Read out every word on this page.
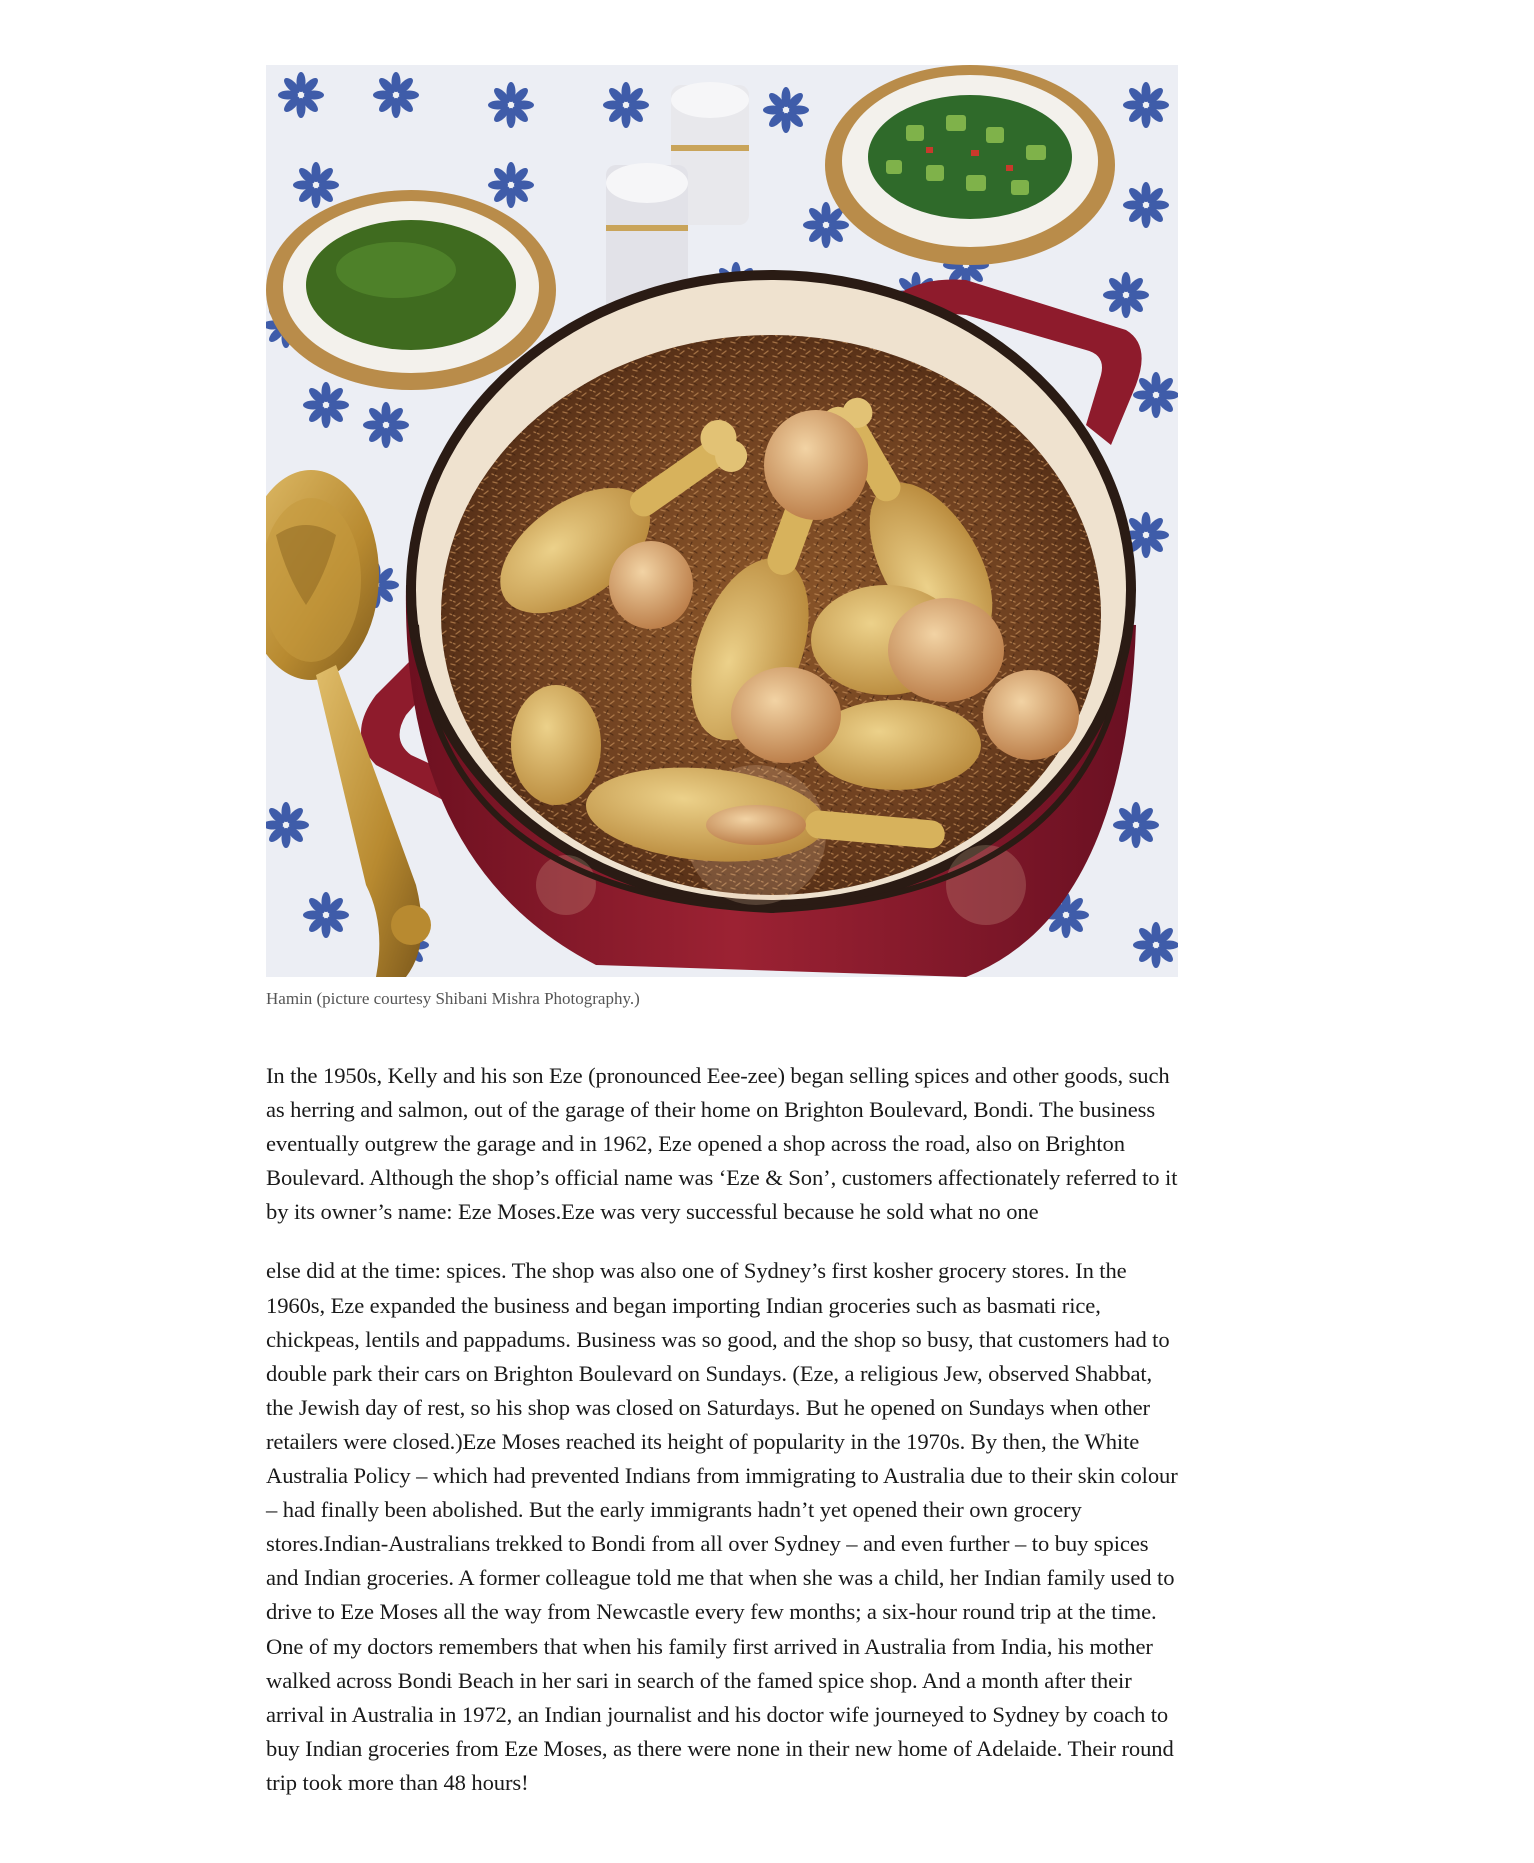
Hamin (picture courtesy Shibani Mishra Photography.)

In the 1950s, Kelly and his son Eze (pronounced Eee-zee) began selling spices and other goods, such as herring and salmon, out of the garage of their home on Brighton Boulevard, Bondi. The business eventually outgrew the garage and in 1962, Eze opened a shop across the road, also on Brighton Boulevard. Although the shop’s official name was ‘Eze & Son’, customers affectionately referred to it by its owner’s name: Eze Moses.Eze was very successful because he sold what no one

else did at the time: spices. The shop was also one of Sydney’s first kosher grocery stores. In the 1960s, Eze expanded the business and began importing Indian groceries such as basmati rice, chickpeas, lentils and pappadums. Business was so good, and the shop so busy, that customers had to double park their cars on Brighton Boulevard on Sundays. (Eze, a religious Jew, observed Shabbat, the Jewish day of rest, so his shop was closed on Saturdays. But he opened on Sundays when other retailers were closed.)Eze Moses reached its height of popularity in the 1970s. By then, the White Australia Policy – which had prevented Indians from immigrating to Australia due to their skin colour – had finally been abolished. But the early immigrants hadn’t yet opened their own grocery stores.Indian-Australians trekked to Bondi from all over Sydney – and even further – to buy spices and Indian groceries. A former colleague told me that when she was a child, her Indian family used to drive to Eze Moses all the way from Newcastle every few months; a six-hour round trip at the time. One of my doctors remembers that when his family first arrived in Australia from India, his mother walked across Bondi Beach in her sari in search of the famed spice shop. And a month after their arrival in Australia in 1972, an Indian journalist and his doctor wife journeyed to Sydney by coach to buy Indian groceries from Eze Moses, as there were none in their new home of Adelaide. Their round trip took more than 48 hours!
